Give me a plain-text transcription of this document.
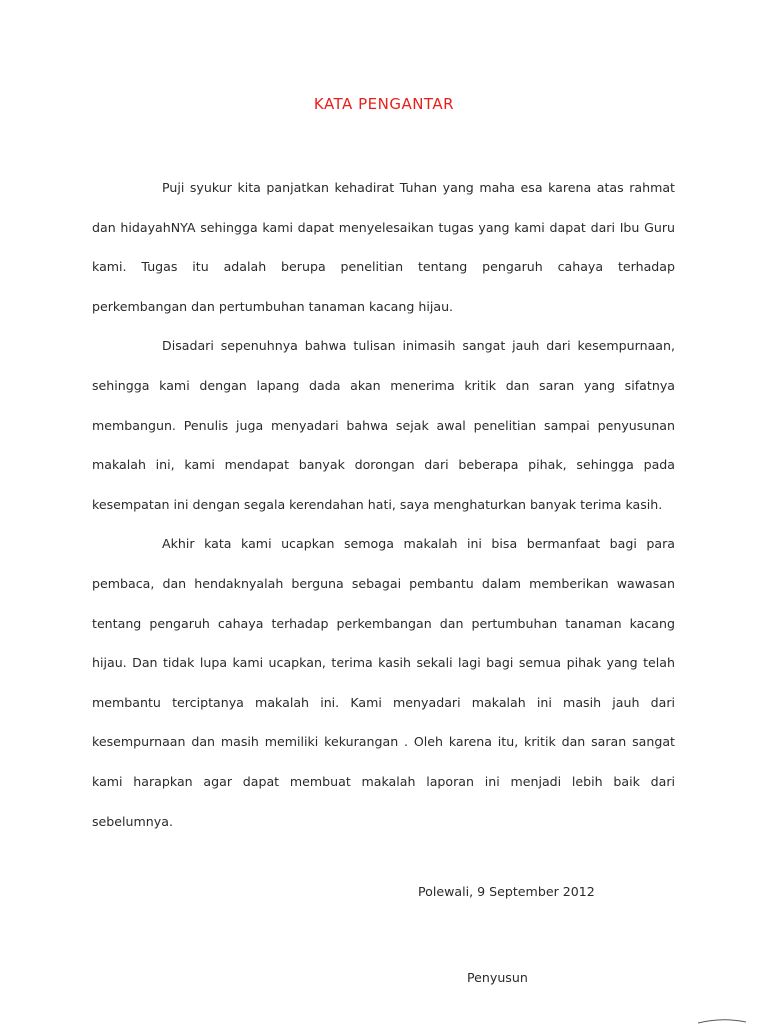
KATA PENGANTAR

Puji syukur kita panjatkan kehadirat Tuhan yang maha esa karena atas rahmat dan hidayahNYA sehingga kami dapat menyelesaikan tugas yang kami dapat dari Ibu Guru kami. Tugas itu adalah berupa penelitian tentang pengaruh cahaya terhadap perkembangan dan pertumbuhan tanaman kacang hijau.

Disadari sepenuhnya bahwa tulisan inimasih sangat jauh dari kesempurnaan, sehingga kami dengan lapang dada akan menerima kritik dan saran yang sifatnya membangun. Penulis juga menyadari bahwa sejak awal penelitian sampai penyusunan makalah ini, kami mendapat banyak dorongan dari beberapa pihak, sehingga pada kesempatan ini dengan segala kerendahan hati, saya menghaturkan banyak terima kasih.

Akhir kata kami ucapkan semoga makalah ini bisa bermanfaat bagi para pembaca, dan hendaknyalah berguna sebagai pembantu dalam memberikan wawasan tentang pengaruh cahaya terhadap perkembangan dan pertumbuhan tanaman kacang hijau. Dan tidak lupa kami ucapkan, terima kasih sekali lagi bagi semua pihak yang telah membantu terciptanya makalah ini. Kami menyadari makalah ini masih jauh dari kesempurnaan dan masih memiliki kekurangan . Oleh karena itu, kritik dan saran sangat kami harapkan agar dapat membuat makalah laporan ini menjadi lebih baik dari sebelumnya.

Polewali, 9 September 2012
Penyusun
